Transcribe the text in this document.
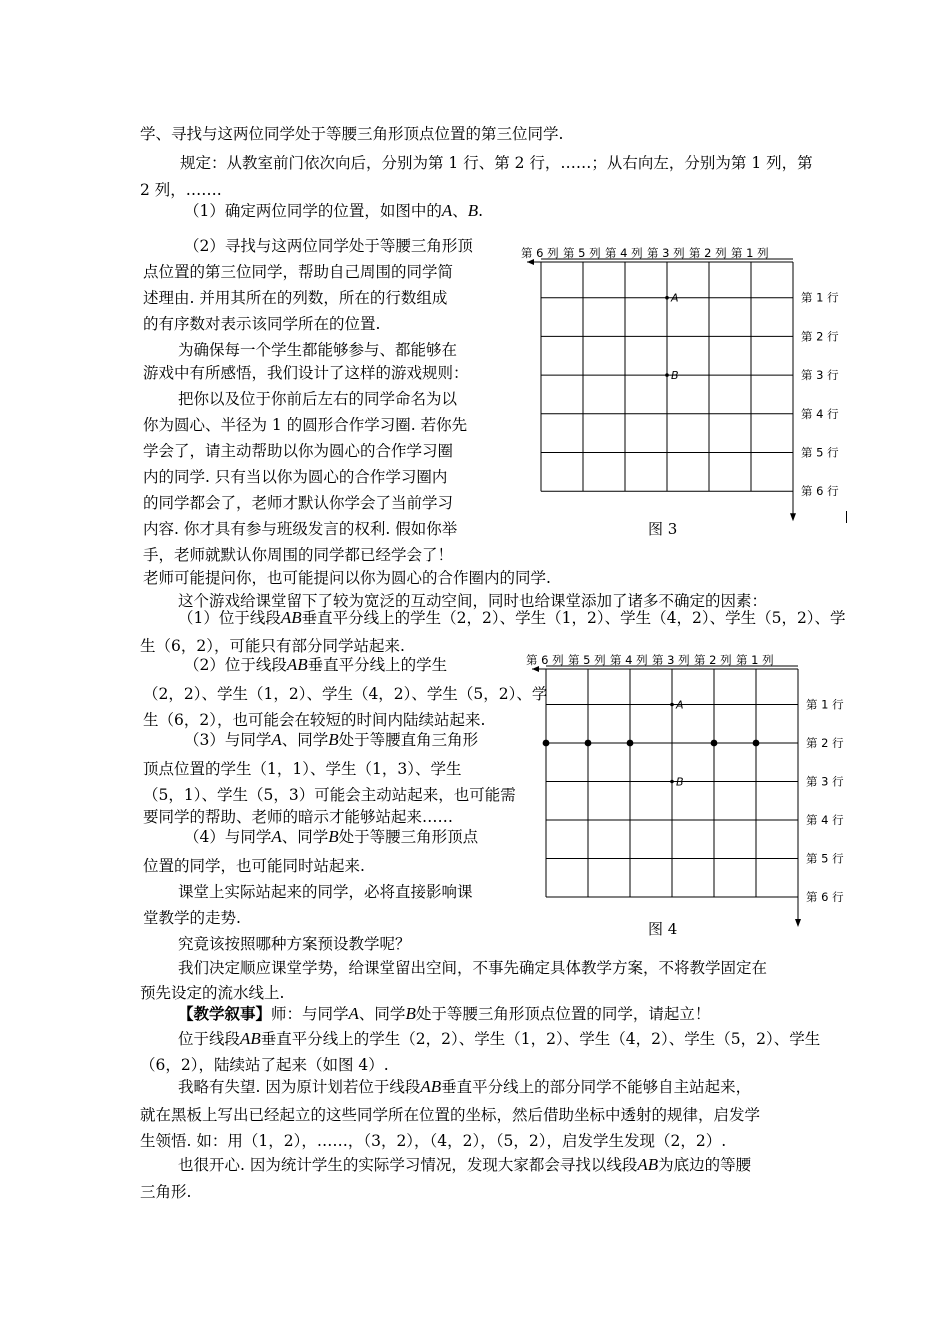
学、寻找与这两位同学处于等腰三角形顶点位置的第三位同学.
规定：从教室前门依次向后，分别为第 1 行、第 2 行，……；从右向左，分别为第 1 列，第
2 列，…….
（1）确定两位同学的位置，如图中的A、B.
（2）寻找与这两位同学处于等腰三角形顶
点位置的第三位同学，帮助自己周围的同学简
述理由. 并用其所在的列数，所在的行数组成
的有序数对表示该同学所在的位置.
为确保每一个学生都能够参与、都能够在
游戏中有所感悟，我们设计了这样的游戏规则：
把你以及位于你前后左右的同学命名为以
你为圆心、半径为 1 的圆形合作学习圈. 若你先
学会了，请主动帮助以你为圆心的合作学习圈
内的同学. 只有当以你为圆心的合作学习圈内
的同学都会了，老师才默认你学会了当前学习
内容. 你才具有参与班级发言的权利. 假如你举
手，老师就默认你周围的同学都已经学会了！
老师可能提问你，也可能提问以你为圆心的合作圈内的同学.
这个游戏给课堂留下了较为宽泛的互动空间，同时也给课堂添加了诸多不确定的因素：
第 6 列 第 5 列 第 4 列 第 3 列 第 2 列 第 1 列
第 1 行
第 2 行
第 3 行
第 4 行
第 5 行
第 6 行
A
B
图 3
（1）位于线段AB垂直平分线上的学生（2，2）、学生（1，2）、学生（4，2）、学生（5，2）、学
生（6，2），可能只有部分同学站起来.
（2）位于线段AB垂直平分线上的学生
（2，2）、学生（1，2）、学生（4，2）、学生（5，2）、学
生（6，2），也可能会在较短的时间内陆续站起来.
（3）与同学A、同学B处于等腰直角三角形
顶点位置的学生（1，1）、学生（1，3）、学生
（5，1）、学生（5，3）可能会主动站起来，也可能需
要同学的帮助、老师的暗示才能够站起来……
（4）与同学A、同学B处于等腰三角形顶点
位置的同学，也可能同时站起来.
课堂上实际站起来的同学，必将直接影响课
堂教学的走势.
究竟该按照哪种方案预设教学呢？
我们决定顺应课堂学势，给课堂留出空间，不事先确定具体教学方案，不将教学固定在
预先设定的流水线上.
第 6 列 第 5 列 第 4 列 第 3 列 第 2 列 第 1 列
第 1 行
第 2 行
第 3 行
第 4 行
第 5 行
第 6 行
A
B
图 4
【教学叙事】师：与同学A、同学B处于等腰三角形顶点位置的同学，请起立！
位于线段AB垂直平分线上的学生（2，2）、学生（1，2）、学生（4，2）、学生（5，2）、学生
（6，2），陆续站了起来（如图 4）.
我略有失望. 因为原计划若位于线段AB垂直平分线上的部分同学不能够自主站起来，
就在黑板上写出已经起立的这些同学所在位置的坐标，然后借助坐标中透射的规律，启发学
生领悟. 如：用（1，2），……，（3，2），（4，2），（5，2），启发学生发现（2，2）.
也很开心. 因为统计学生的实际学习情况，发现大家都会寻找以线段AB为底边的等腰
三角形.
